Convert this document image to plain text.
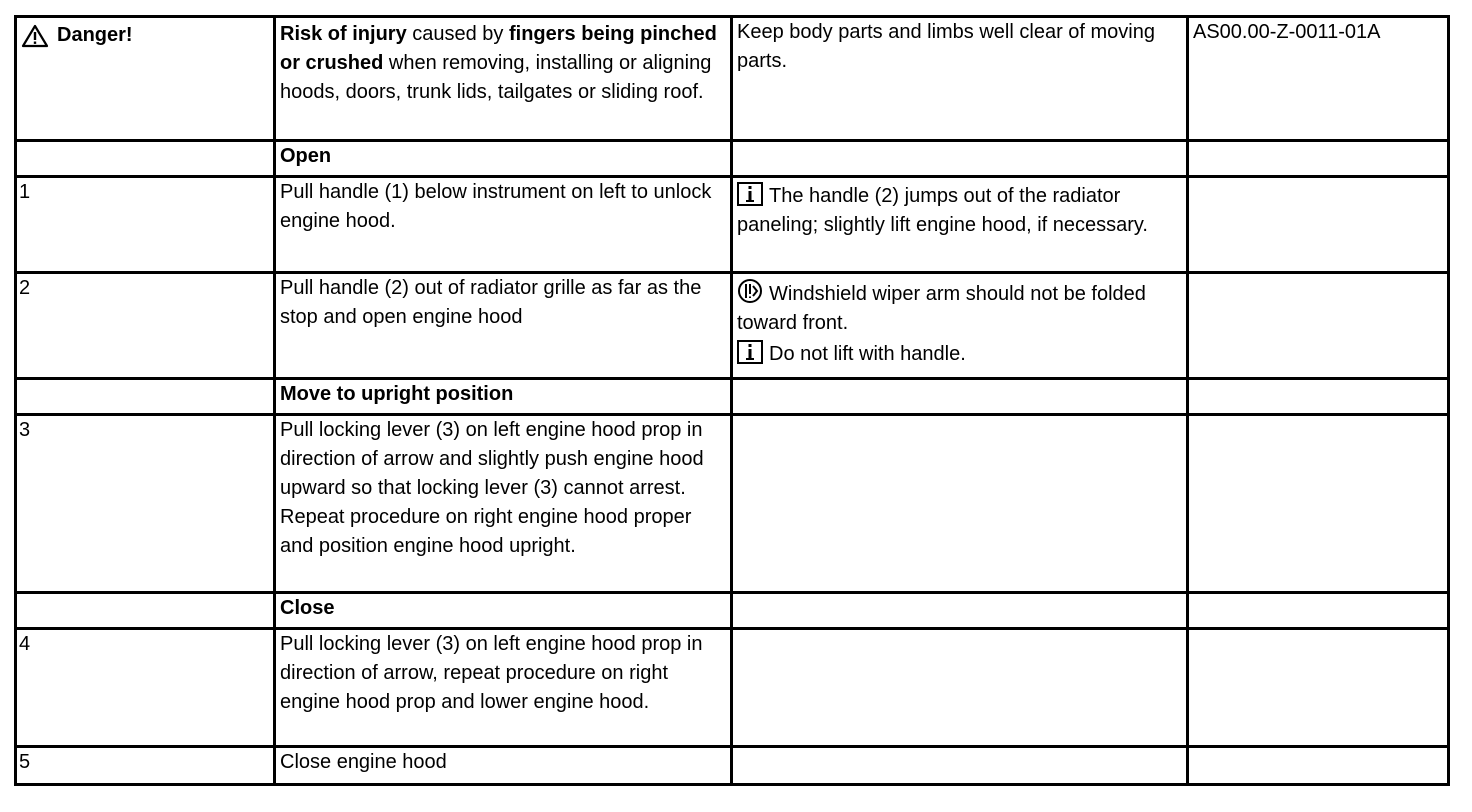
Danger!	Risk of injury caused by fingers being pinched or crushed when removing, installing or aligning hoods, doors, trunk lids, tailgates or sliding roof.	Keep body parts and limbs well clear of moving parts.	AS00.00-Z-0011-01A
	Open		
1	Pull handle (1) below instrument on left to unlock engine hood.	The handle (2) jumps out of the radiator paneling; slightly lift engine hood, if necessary.	

2	Pull handle (2) out of radiator grille as far as the stop and open engine hood	Windshield wiper arm should not be folded toward front.
Do not lift with handle.	

	Move to upright position		
3	Pull locking lever (3) on left engine hood prop in direction of arrow and slightly push engine hood upward so that locking lever (3) cannot arrest. Repeat procedure on right engine hood proper and position engine hood upright.		
	Close		
4	Pull locking lever (3) on left engine hood prop in direction of arrow, repeat procedure on right engine hood prop and lower engine hood.		
5	Close engine hood		
